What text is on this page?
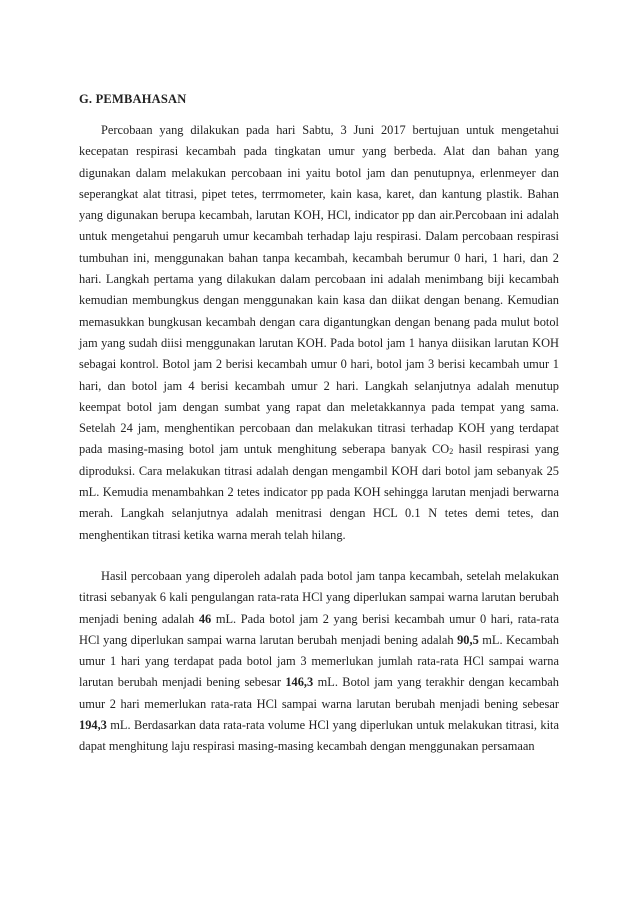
G. PEMBAHASAN

Percobaan yang dilakukan pada hari Sabtu, 3 Juni 2017 bertujuan untuk mengetahui kecepatan respirasi kecambah pada tingkatan umur yang berbeda. Alat dan bahan yang digunakan dalam melakukan percobaan ini yaitu botol jam dan penutupnya, erlenmeyer dan seperangkat alat titrasi, pipet tetes, terrmometer, kain kasa, karet, dan kantung plastik. Bahan yang digunakan berupa kecambah, larutan KOH, HCl, indicator pp dan air.Percobaan ini adalah untuk mengetahui pengaruh umur kecambah terhadap laju respirasi. Dalam percobaan respirasi tumbuhan ini, menggunakan bahan tanpa kecambah, kecambah berumur 0 hari, 1 hari, dan 2 hari. Langkah pertama yang dilakukan dalam percobaan ini adalah menimbang biji kecambah kemudian membungkus dengan menggunakan kain kasa dan diikat dengan benang. Kemudian memasukkan bungkusan kecambah dengan cara digantungkan dengan benang pada mulut botol jam yang sudah diisi menggunakan larutan KOH. Pada botol jam 1 hanya diisikan larutan KOH sebagai kontrol. Botol jam 2 berisi kecambah umur 0 hari, botol jam 3 berisi kecambah umur 1 hari, dan botol jam 4 berisi kecambah umur 2 hari. Langkah selanjutnya adalah menutup keempat botol jam dengan sumbat yang rapat dan meletakkannya pada tempat yang sama. Setelah 24 jam, menghentikan percobaan dan melakukan titrasi terhadap KOH yang terdapat pada masing-masing botol jam untuk menghitung seberapa banyak $CO_2$ hasil respirasi yang diproduksi. Cara melakukan titrasi adalah dengan mengambil KOH dari botol jam sebanyak 25 mL. Kemudia menambahkan 2 tetes indicator pp pada KOH sehingga larutan menjadi berwarna merah. Langkah selanjutnya adalah menitrasi dengan HCL 0.1 N tetes demi tetes, dan menghentikan titrasi ketika warna merah telah hilang.

Hasil percobaan yang diperoleh adalah pada botol jam tanpa kecambah, setelah melakukan titrasi sebanyak 6 kali pengulangan rata-rata HCl yang diperlukan sampai warna larutan berubah menjadi bening adalah 46 mL. Pada botol jam 2 yang berisi kecambah umur 0 hari, rata-rata HCl yang diperlukan sampai warna larutan berubah menjadi bening adalah 90,5 mL. Kecambah umur 1 hari yang terdapat pada botol jam 3 memerlukan jumlah rata-rata HCl sampai warna larutan berubah menjadi bening sebesar 146,3 mL. Botol jam yang terakhir dengan kecambah umur 2 hari memerlukan rata-rata HCl sampai warna larutan berubah menjadi bening sebesar 194,3 mL. Berdasarkan data rata-rata volume HCl yang diperlukan untuk melakukan titrasi, kita dapat menghitung laju respirasi masing-masing kecambah dengan menggunakan persamaan
